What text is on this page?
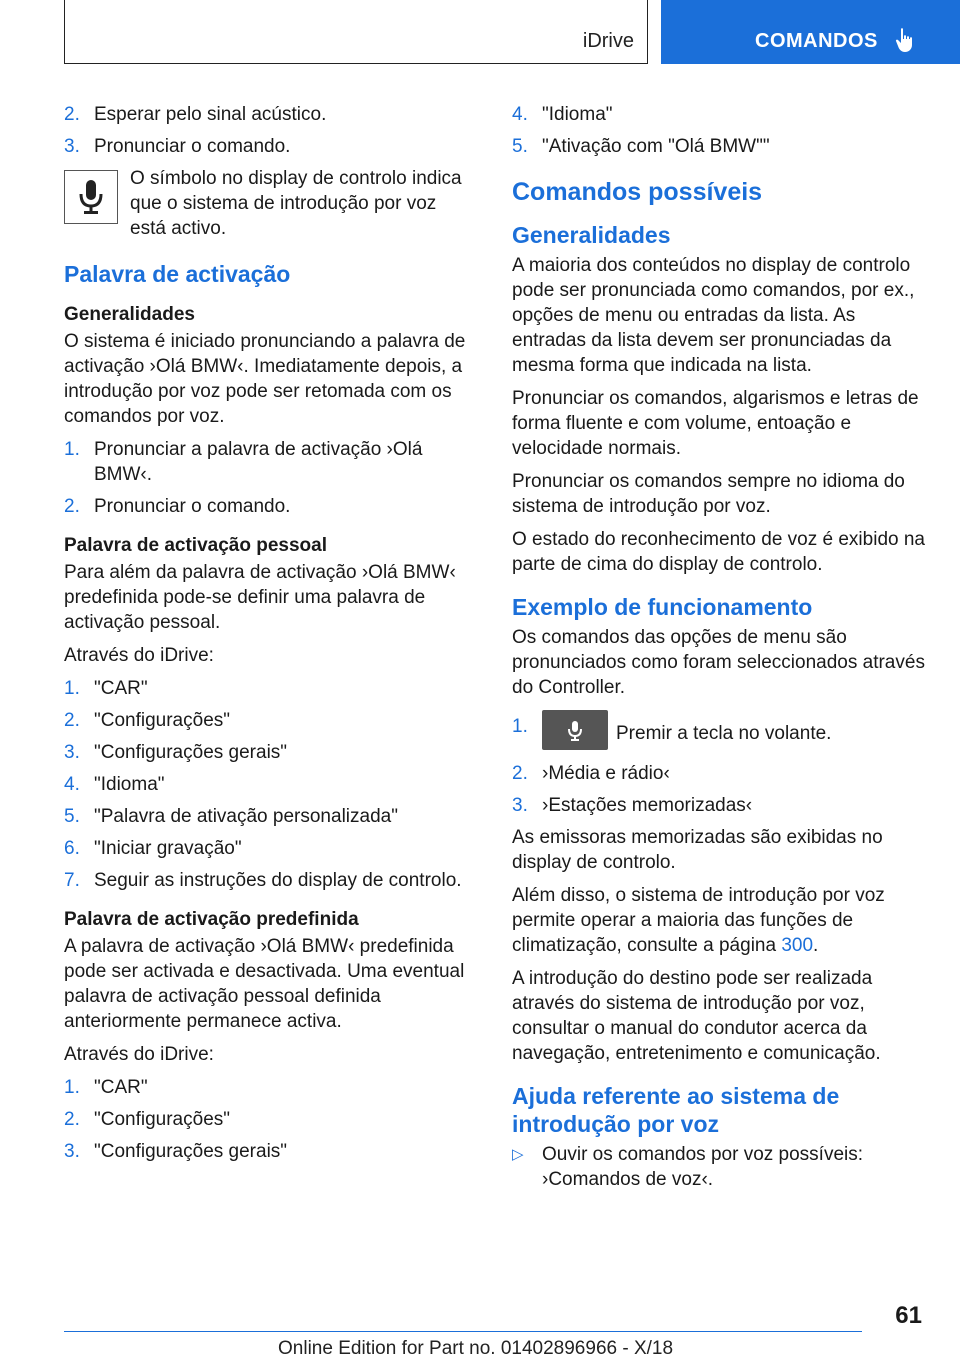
iDrive	COMANDOS
2. Esperar pelo sinal acústico.
3. Pronunciar o comando.
O símbolo no display de controlo indica que o sistema de introdução por voz está activo.
Palavra de activação
Generalidades

O sistema é iniciado pronunciando a palavra de activação ›Olá BMW‹. Imediatamente depois, a introdução por voz pode ser retomada com os comandos por voz.

1. Pronunciar a palavra de activação ›Olá BMW‹.
2. Pronunciar o comando.
Palavra de activação pessoal

Para além da palavra de activação ›Olá BMW‹ predefinida pode-se definir uma palavra de activação pessoal.

Através do iDrive:

1. "CAR"
2. "Configurações"
3. "Configurações gerais"
4. "Idioma"
5. "Palavra de ativação personalizada"
6. "Iniciar gravação"
7. Seguir as instruções do display de controlo.
Palavra de activação predefinida

A palavra de activação ›Olá BMW‹ predefinida pode ser activada e desactivada. Uma eventual palavra de activação pessoal definida anteriormente permanece activa.

Através do iDrive:

1. "CAR"
2. "Configurações"
3. "Configurações gerais"
4. "Idioma"
5. "Ativação com "Olá BMW""
Comandos possíveis
Generalidades

A maioria dos conteúdos no display de controlo pode ser pronunciada como comandos, por ex., opções de menu ou entradas da lista. As entradas da lista devem ser pronunciadas da mesma forma que indicada na lista.

Pronunciar os comandos, algarismos e letras de forma fluente e com volume, entoação e velocidade normais.

Pronunciar os comandos sempre no idioma do sistema de introdução por voz.

O estado do reconhecimento de voz é exibido na parte de cima do display de controlo.

Exemplo de funcionamento

Os comandos das opções de menu são pronunciados como foram seleccionados através do Controller.

1.	Premir a tecla no volante.
2. ›Média e rádio‹
3. ›Estações memorizadas‹

As emissoras memorizadas são exibidas no display de controlo.

Além disso, o sistema de introdução por voz permite operar a maioria das funções de climatização, consulte a página 300.

A introdução do destino pode ser realizada através do sistema de introdução por voz, consultar o manual do condutor acerca da navegação, entretenimento e comunicação.

Ajuda referente ao sistema de introdução por voz
▷ Ouvir os comandos por voz possíveis: ›Comandos de voz‹.
61
Online Edition for Part no. 01402896966 - X/18
